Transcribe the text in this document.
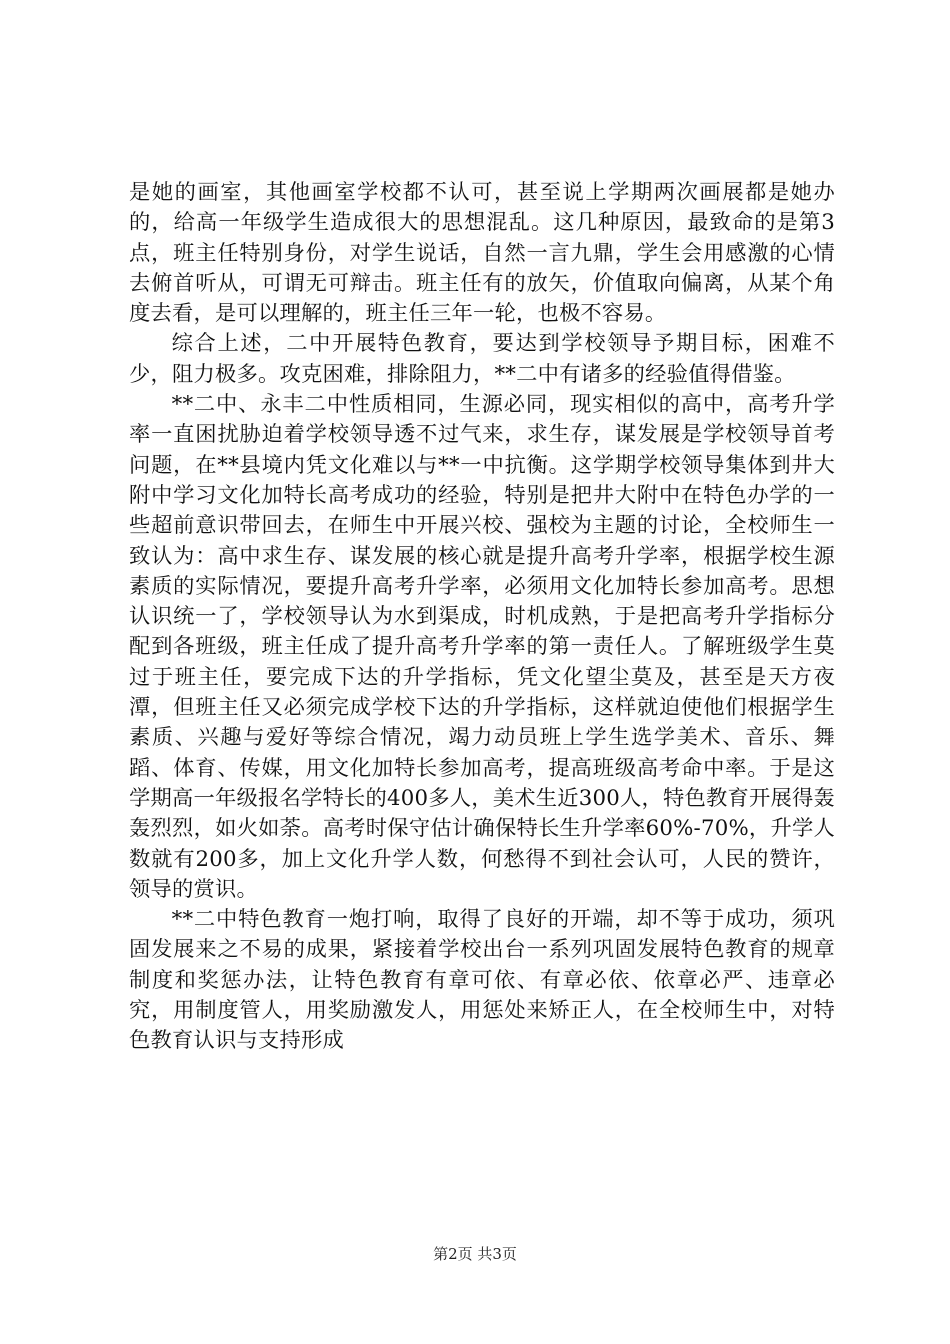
是她的画室，其他画室学校都不认可，甚至说上学期两次画展都是她办的，给高一年级学生造成很大的思想混乱。这几种原因，最致命的是第3点，班主任特别身份，对学生说话，自然一言九鼎，学生会用感激的心情去俯首听从，可谓无可辩击。班主任有的放矢，价值取向偏离，从某个角度去看，是可以理解的，班主任三年一轮，也极不容易。

综合上述，二中开展特色教育，要达到学校领导予期目标，困难不少，阻力极多。攻克困难，排除阻力，**二中有诸多的经验值得借鉴。

**二中、永丰二中性质相同，生源必同，现实相似的高中，高考升学率一直困扰胁迫着学校领导透不过气来，求生存，谋发展是学校领导首考问题，在**县境内凭文化难以与**一中抗衡。这学期学校领导集体到井大附中学习文化加特长高考成功的经验，特别是把井大附中在特色办学的一些超前意识带回去，在师生中开展兴校、强校为主题的讨论，全校师生一致认为：高中求生存、谋发展的核心就是提升高考升学率，根据学校生源素质的实际情况，要提升高考升学率，必须用文化加特长参加高考。思想认识统一了，学校领导认为水到渠成，时机成熟，于是把高考升学指标分配到各班级，班主任成了提升高考升学率的第一责任人。了解班级学生莫过于班主任，要完成下达的升学指标，凭文化望尘莫及，甚至是天方夜潭，但班主任又必须完成学校下达的升学指标，这样就迫使他们根据学生素质、兴趣与爱好等综合情况，竭力动员班上学生选学美术、音乐、舞蹈、体育、传媒，用文化加特长参加高考，提高班级高考命中率。于是这学期高一年级报名学特长的400多人，美术生近300人，特色教育开展得轰轰烈烈，如火如荼。高考时保守估计确保特长生升学率60%-70%，升学人数就有200多，加上文化升学人数，何愁得不到社会认可，人民的赞许，领导的赏识。

**二中特色教育一炮打响，取得了良好的开端，却不等于成功，须巩固发展来之不易的成果，紧接着学校出台一系列巩固发展特色教育的规章制度和奖惩办法，让特色教育有章可依、有章必依、依章必严、违章必究，用制度管人，用奖励激发人，用惩处来矫正人，在全校师生中，对特色教育认识与支持形成

第2页 共3页
